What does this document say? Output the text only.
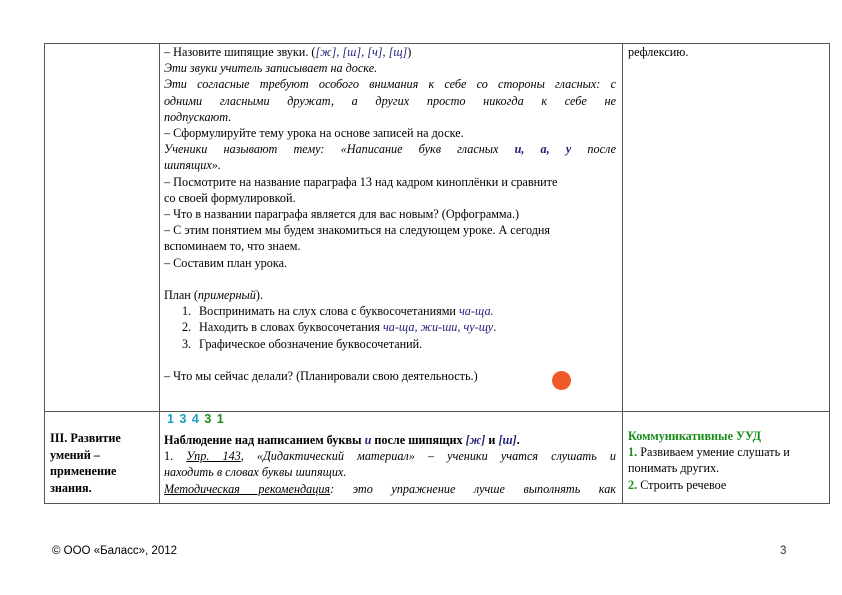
– Назовите шипящие звуки. ([ж], [ш], [ч], [щ])
Эти звуки учитель записывает на доске.
Эти согласные требуют особого внимания к себе со стороны гласных: с
одними гласными дружат, а других просто никогда к себе не
подпускают.
– Сформулируйте тему урока на основе записей на доске.
Ученики называют тему: «Написание букв гласных и, а, у после
шипящих».
– Посмотрите на название параграфа 13 над кадром киноплёнки и сравните
со своей формулировкой.
– Что в названии параграфа является для вас новым? (Орфограмма.)
– С этим понятием мы будем знакомиться на следующем уроке. А сегодня
вспоминаем то, что знаем.
– Составим план урока.

План (примерный).
1. Воспринимать на слух слова с буквосочетаниями ча-ща.
2. Находить в словах буквосочетания ча-ща, жи-ши, чу-щу.
3. Графическое обозначение буквосочетаний.

– Что мы сейчас делали? (Планировали свою деятельность.)
рефлексию.
III. Развитие
умений –
применение
знания.
1 3 4 3 1
Наблюдение над написанием буквы и после шипящих [ж] и [ш].
1. Упр. 143, «Дидактический материал» – ученики учатся слушать и
находить в словах буквы шипящих.
Методическая рекомендация: это упражнение лучше выполнять как
Коммуникативные УУД
1. Развиваем умение слушать и
понимать других.
2. Строить речевое
© ООО «Баласс», 2012	3
